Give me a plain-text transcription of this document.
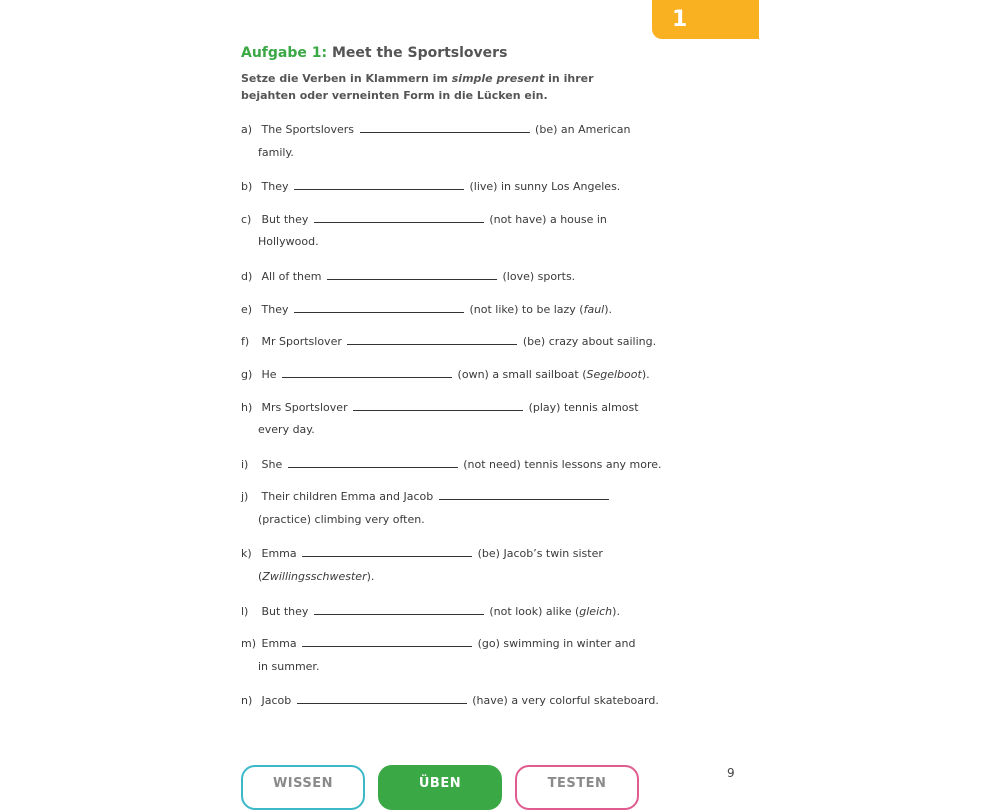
1
Aufgabe 1: Meet the Sportslovers
Setze die Verben in Klammern im simple present in ihrer bejahten oder verneinten Form in die Lücken ein.
a) The Sportslovers	(be) an American
family.
b) They	(live) in sunny Los Angeles.
c) But they	(not have) a house in
Hollywood.
d) All of them	(love) sports.
e) They	(not like) to be lazy (faul).
f) Mr Sportslover	(be) crazy about sailing.
g) He	(own) a small sailboat (Segelboot).
h) Mrs Sportslover	(play) tennis almost
every day.
i) She	(not need) tennis lessons any more.
j) Their children Emma and Jacob
(practice) climbing very often.
k) Emma	(be) Jacob’s twin sister
(Zwillingsschwester).
l) But they	(not look) alike (gleich).
m) Emma	(go) swimming in winter and
in summer.
n) Jacob	(have) a very colorful skateboard.
9
WISSEN	ÜBEN	TESTEN
